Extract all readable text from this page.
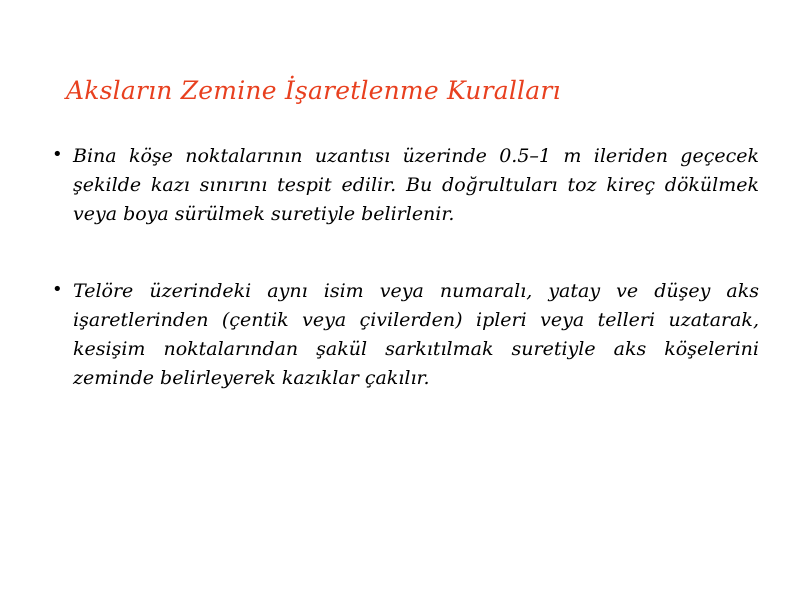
Aksların Zemine İşaretlenme Kuralları
• Bina köşe noktalarının uzantısı üzerinde 0.5–1 m ileriden geçecek şekilde kazı sınırını tespit edilir. Bu doğrultuları toz kireç dökülmek veya boya sürülmek suretiyle belirlenir.
• Telöre üzerindeki aynı isim veya numaralı, yatay ve düşey aks işaretlerinden (çentik veya çivilerden) ipleri veya telleri uzatarak, kesişim noktalarından şakül sarkıtılmak suretiyle aks köşelerini zeminde belirleyerek kazıklar çakılır.
